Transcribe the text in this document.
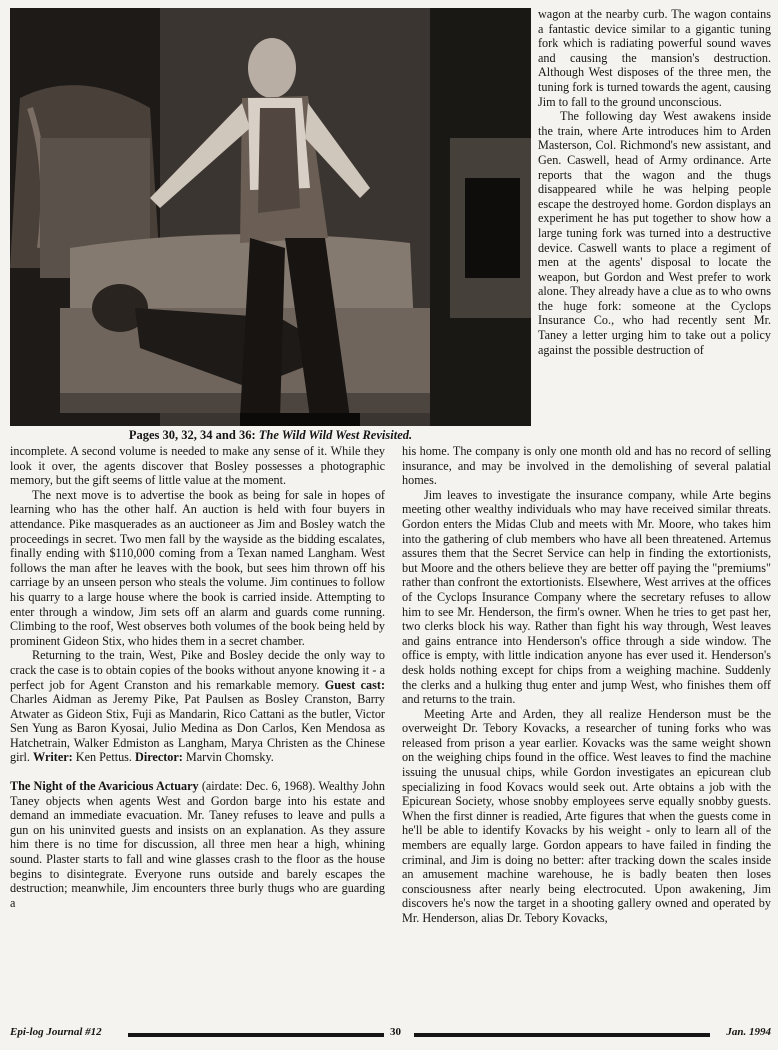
Pages 30, 32, 34 and 36: The Wild Wild West Revisited.

wagon at the nearby curb. The wagon contains a fantastic device similar to a gigantic tuning fork which is radiating powerful sound waves and causing the mansion's destruction. Although West disposes of the three men, the tuning fork is turned towards the agent, causing Jim to fall to the ground unconscious.

The following day West awakens inside the train, where Arte introduces him to Arden Masterson, Col. Richmond's new assistant, and Gen. Caswell, head of Army ordinance. Arte reports that the wagon and the thugs disappeared while he was helping people escape the destroyed home. Gordon displays an experiment he has put together to show how a large tuning fork was turned into a destructive device. Caswell wants to place a regiment of men at the agents' disposal to locate the weapon, but Gordon and West prefer to work alone. They already have a clue as to who owns the huge fork: someone at the Cyclops Insurance Co., who had recently sent Mr. Taney a letter urging him to take out a policy against the possible destruction of

incomplete. A second volume is needed to make any sense of it. While they look it over, the agents discover that Bosley possesses a photographic memory, but the gift seems of little value at the moment.

The next move is to advertise the book as being for sale in hopes of learning who has the other half. An auction is held with four buyers in attendance. Pike masquerades as an auctioneer as Jim and Bosley watch the proceedings in secret. Two men fall by the wayside as the bidding escalates, finally ending with $110,000 coming from a Texan named Langham. West follows the man after he leaves with the book, but sees him thrown off his carriage by an unseen person who steals the volume. Jim continues to follow his quarry to a large house where the book is carried inside. Attempting to enter through a window, Jim sets off an alarm and guards come running. Climbing to the roof, West observes both volumes of the book being held by prominent Gideon Stix, who hides them in a secret chamber.

Returning to the train, West, Pike and Bosley decide the only way to crack the case is to obtain copies of the books without anyone knowing it - a perfect job for Agent Cranston and his remarkable memory. Guest cast: Charles Aidman as Jeremy Pike, Pat Paulsen as Bosley Cranston, Barry Atwater as Gideon Stix, Fuji as Mandarin, Rico Cattani as the butler, Victor Sen Yung as Baron Kyosai, Julio Medina as Don Carlos, Ken Mendosa as Hatchetrain, Walker Edmiston as Langham, Marya Christen as the Chinese girl. Writer: Ken Pettus. Director: Marvin Chomsky.

The Night of the Avaricious Actuary (airdate: Dec. 6, 1968). Wealthy John Taney objects when agents West and Gordon barge into his estate and demand an immediate evacuation. Mr. Taney refuses to leave and pulls a gun on his uninvited guests and insists on an explanation. As they assure him there is no time for discussion, all three men hear a high, whining sound. Plaster starts to fall and wine glasses crash to the floor as the house begins to disintegrate. Everyone runs outside and barely escapes the destruction; meanwhile, Jim encounters three burly thugs who are guarding a

his home. The company is only one month old and has no record of selling insurance, and may be involved in the demolishing of several palatial homes.

Jim leaves to investigate the insurance company, while Arte begins meeting other wealthy individuals who may have received similar threats. Gordon enters the Midas Club and meets with Mr. Moore, who takes him into the gathering of club members who have all been threatened. Artemus assures them that the Secret Service can help in finding the extortionists, but Moore and the others believe they are better off paying the "premiums" rather than confront the extortionists. Elsewhere, West arrives at the offices of the Cyclops Insurance Company where the secretary refuses to allow him to see Mr. Henderson, the firm's owner. When he tries to get past her, two clerks block his way. Rather than fight his way through, West leaves and gains entrance into Henderson's office through a side window. The office is empty, with little indication anyone has ever used it. Henderson's desk holds nothing except for chips from a weighing machine. Suddenly the clerks and a hulking thug enter and jump West, who finishes them off and returns to the train.

Meeting Arte and Arden, they all realize Henderson must be the overweight Dr. Tebory Kovacks, a researcher of tuning forks who was released from prison a year earlier. Kovacks was the same weight shown on the weighing chips found in the office. West leaves to find the machine issuing the unusual chips, while Gordon investigates an epicurean club specializing in food Kovacs would seek out. Arte obtains a job with the Epicurean Society, whose snobby employees serve equally snobby guests. When the first dinner is readied, Arte figures that when the guests come in he'll be able to identify Kovacks by his weight - only to learn all of the members are equally large. Gordon appears to have failed in finding the criminal, and Jim is doing no better: after tracking down the scales inside an amusement machine warehouse, he is badly beaten then loses consciousness after nearly being electrocuted. Upon awakening, Jim discovers he's now the target in a shooting gallery owned and operated by Mr. Henderson, alias Dr. Tebory Kovacks,

Epi-log Journal #12	30	Jan. 1994
